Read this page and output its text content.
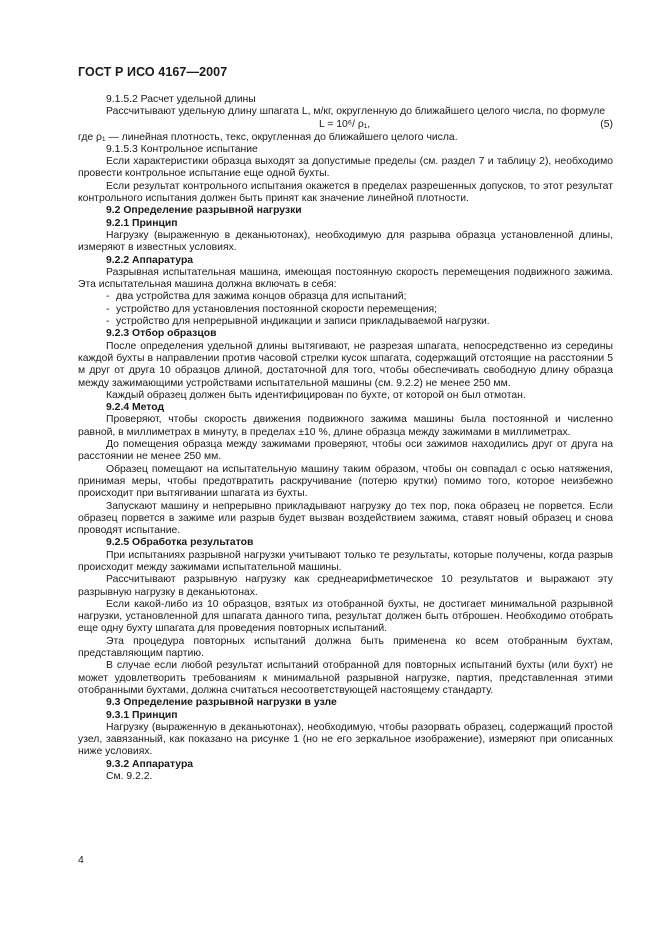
ГОСТ Р ИСО 4167—2007

9.1.5.2 Расчет удельной длины

Рассчитывают удельную длину шпагата L, м/кг, округленную до ближайшего целого числа, по формуле

L = 10⁶/ ρ₁,	(5)

где ρ₁ — линейная плотность, текс, округленная до ближайшего целого числа.

9.1.5.3 Контрольное испытание

Если характеристики образца выходят за допустимые пределы (см. раздел 7 и таблицу 2), необходимо провести контрольное испытание еще одной бухты.

Если результат контрольного испытания окажется в пределах разрешенных допусков, то этот результат контрольного испытания должен быть принят как значение линейной плотности.

9.2 Определение разрывной нагрузки

9.2.1 Принцип

Нагрузку (выраженную в деканьютонах), необходимую для разрыва образца установленной длины, измеряют в известных условиях.

9.2.2 Аппаратура

Разрывная испытательная машина, имеющая постоянную скорость перемещения подвижного зажима. Эта испытательная машина должна включать в себя:

- два устройства для зажима концов образца для испытаний;
- устройство для установления постоянной скорости перемещения;
- устройство для непрерывной индикации и записи прикладываемой нагрузки.

9.2.3 Отбор образцов

После определения удельной длины вытягивают, не разрезая шпагата, непосредственно из середины каждой бухты в направлении против часовой стрелки кусок шпагата, содержащий отстоящие на расстоянии 5 м друг от друга 10 образцов длиной, достаточной для того, чтобы обеспечивать свободную длину образца между зажимающими устройствами испытательной машины (см. 9.2.2) не менее 250 мм.

Каждый образец должен быть идентифицирован по бухте, от которой он был отмотан.

9.2.4 Метод

Проверяют, чтобы скорость движения подвижного зажима машины была постоянной и численно равной, в миллиметрах в минуту, в пределах ±10 %, длине образца между зажимами в миллиметрах.

До помещения образца между зажимами проверяют, чтобы оси зажимов находились друг от друга на расстоянии не менее 250 мм.

Образец помещают на испытательную машину таким образом, чтобы он совпадал с осью натяжения, принимая меры, чтобы предотвратить раскручивание (потерю крутки) помимо того, которое неизбежно происходит при вытягивании шпагата из бухты.

Запускают машину и непрерывно прикладывают нагрузку до тех пор, пока образец не порвется. Если образец порвется в зажиме или разрыв будет вызван воздействием зажима, ставят новый образец и снова проводят испытание.

9.2.5 Обработка результатов

При испытаниях разрывной нагрузки учитывают только те результаты, которые получены, когда разрыв происходит между зажимами испытательной машины.

Рассчитывают разрывную нагрузку как среднеарифметическое 10 результатов и выражают эту разрывную нагрузку в деканьютонах.

Если какой-либо из 10 образцов, взятых из отобранной бухты, не достигает минимальной разрывной нагрузки, установленной для шпагата данного типа, результат должен быть отброшен. Необходимо отобрать еще одну бухту шпагата для проведения повторных испытаний.

Эта процедура повторных испытаний должна быть применена ко всем отобранным бухтам, представляющим партию.

В случае если любой результат испытаний отобранной для повторных испытаний бухты (или бухт) не может удовлетворить требованиям к минимальной разрывной нагрузке, партия, представленная этими отобранными бухтами, должна считаться несоответствующей настоящему стандарту.

9.3 Определение разрывной нагрузки в узле

9.3.1 Принцип

Нагрузку (выраженную в деканьютонах), необходимую, чтобы разорвать образец, содержащий простой узел, завязанный, как показано на рисунке 1 (но не его зеркальное изображение), измеряют при описанных ниже условиях.

9.3.2 Аппаратура

См. 9.2.2.

4
